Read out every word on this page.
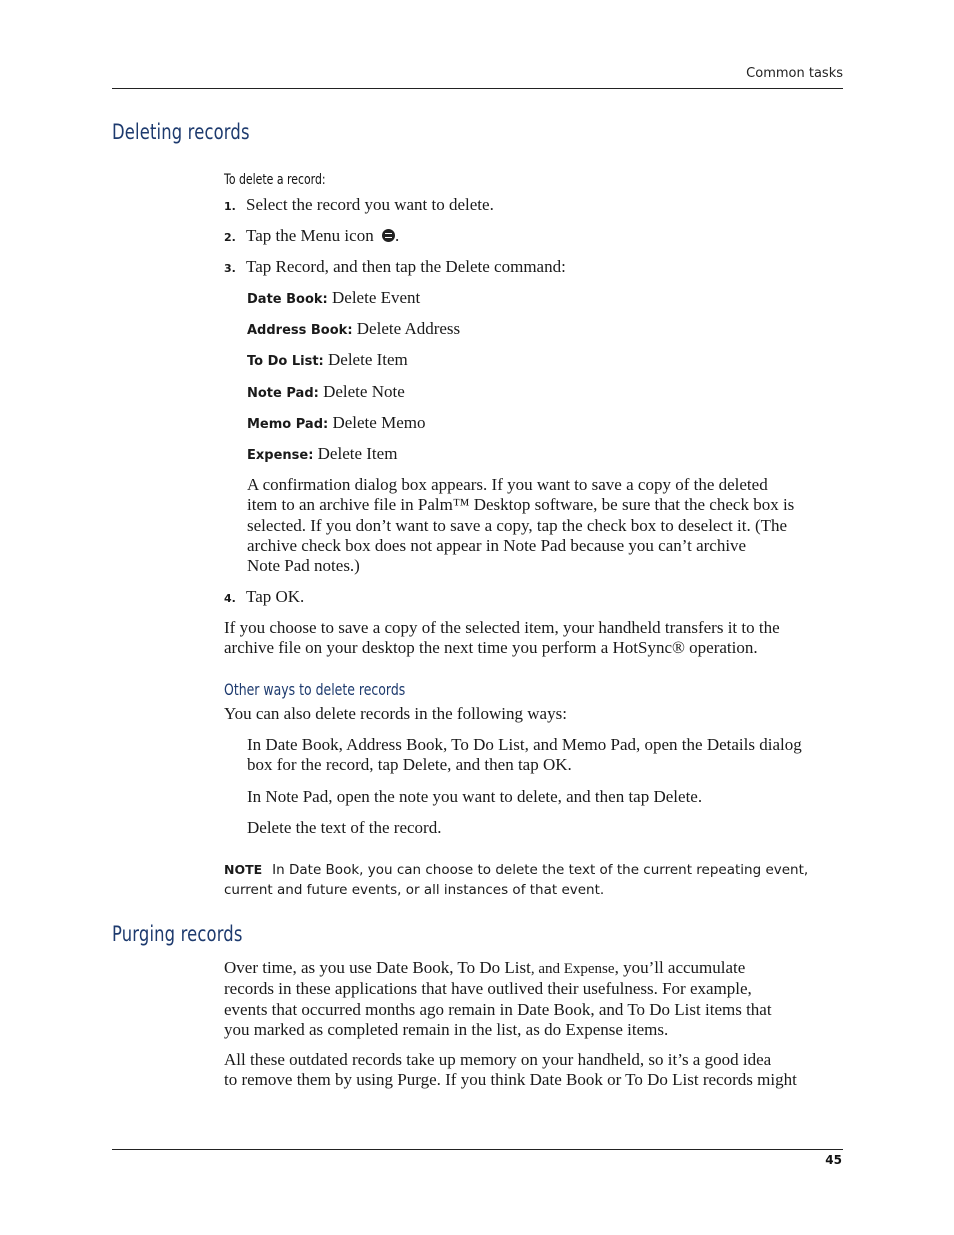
Common tasks
Deleting records
To delete a record:
1. Select the record you want to delete.
2. Tap the Menu icon .
3. Tap Record, and then tap the Delete command:
Date Book: Delete Event
Address Book: Delete Address
To Do List: Delete Item
Note Pad: Delete Note
Memo Pad: Delete Memo
Expense: Delete Item
A confirmation dialog box appears. If you want to save a copy of the deleted
item to an archive file in Palm™ Desktop software, be sure that the check box is
selected. If you don’t want to save a copy, tap the check box to deselect it. (The
archive check box does not appear in Note Pad because you can’t archive
Note Pad notes.)
4. Tap OK.
If you choose to save a copy of the selected item, your handheld transfers it to the
archive file on your desktop the next time you perform a HotSync® operation.
Other ways to delete records
You can also delete records in the following ways:
In Date Book, Address Book, To Do List, and Memo Pad, open the Details dialog
box for the record, tap Delete, and then tap OK.
In Note Pad, open the note you want to delete, and then tap Delete.
Delete the text of the record.
NOTE In Date Book, you can choose to delete the text of the current repeating event,
current and future events, or all instances of that event.
Purging records
Over time, as you use Date Book, To Do List, and Expense, you’ll accumulate
records in these applications that have outlived their usefulness. For example,
events that occurred months ago remain in Date Book, and To Do List items that
you marked as completed remain in the list, as do Expense items.
All these outdated records take up memory on your handheld, so it’s a good idea
to remove them by using Purge. If you think Date Book or To Do List records might
45
